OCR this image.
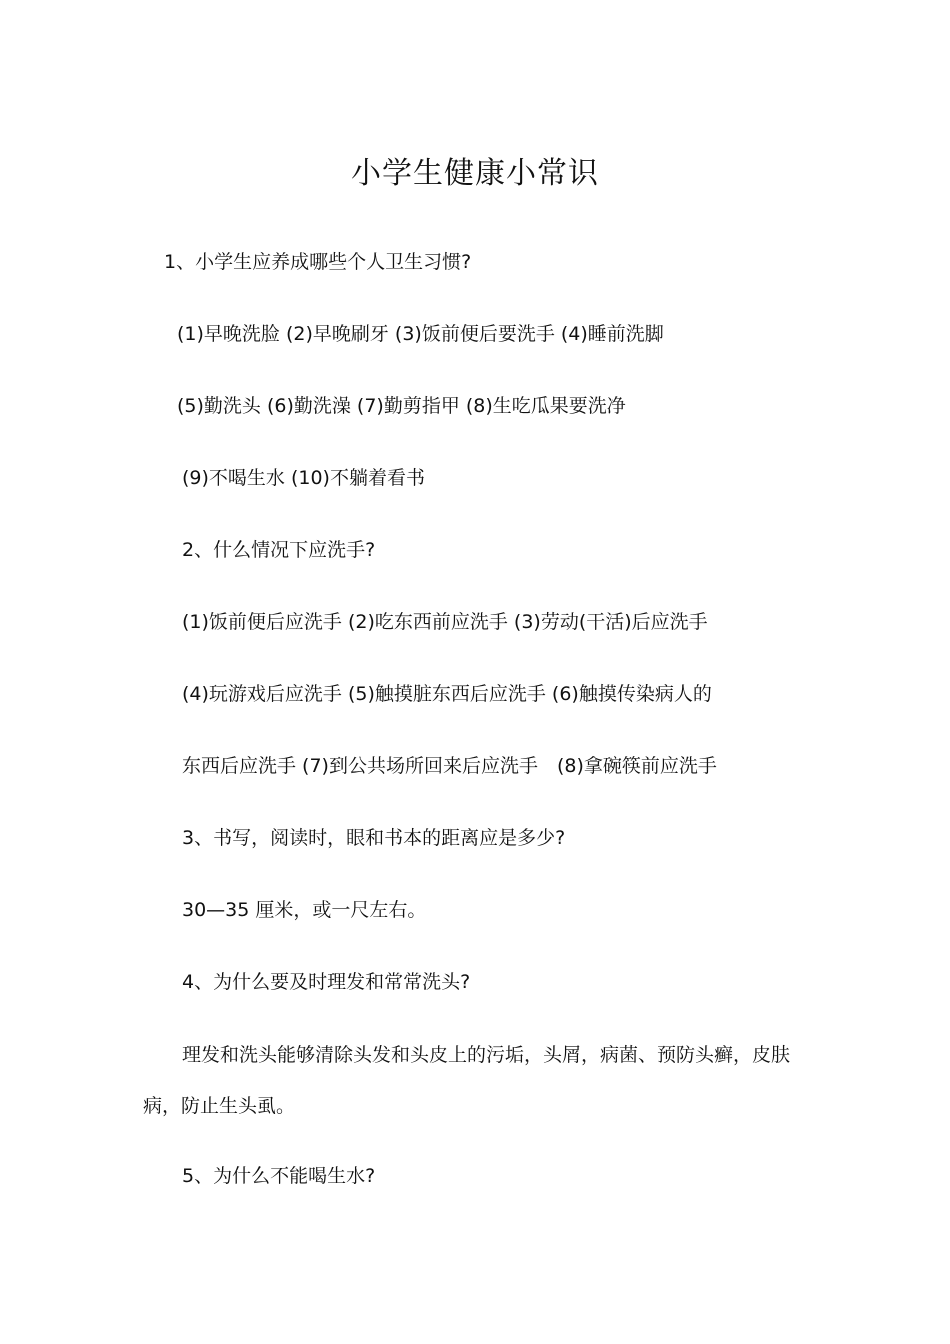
小学生健康小常识
1、小学生应养成哪些个人卫生习惯?
(1)早晚洗脸 (2)早晚刷牙 (3)饭前便后要洗手 (4)睡前洗脚
(5)勤洗头 (6)勤洗澡 (7)勤剪指甲 (8)生吃瓜果要洗净
(9)不喝生水 (10)不躺着看书
2、什么情况下应洗手?
(1)饭前便后应洗手 (2)吃东西前应洗手 (3)劳动(干活)后应洗手
(4)玩游戏后应洗手 (5)触摸脏东西后应洗手 (6)触摸传染病人的
东西后应洗手 (7)到公共场所回来后应洗手　(8)拿碗筷前应洗手
3、书写，阅读时，眼和书本的距离应是多少?
30—35 厘米，或一尺左右。
4、为什么要及时理发和常常洗头?
理发和洗头能够清除头发和头皮上的污垢，头屑，病菌、预防头癣，皮肤
病，防止生头虱。
5、为什么不能喝生水?
